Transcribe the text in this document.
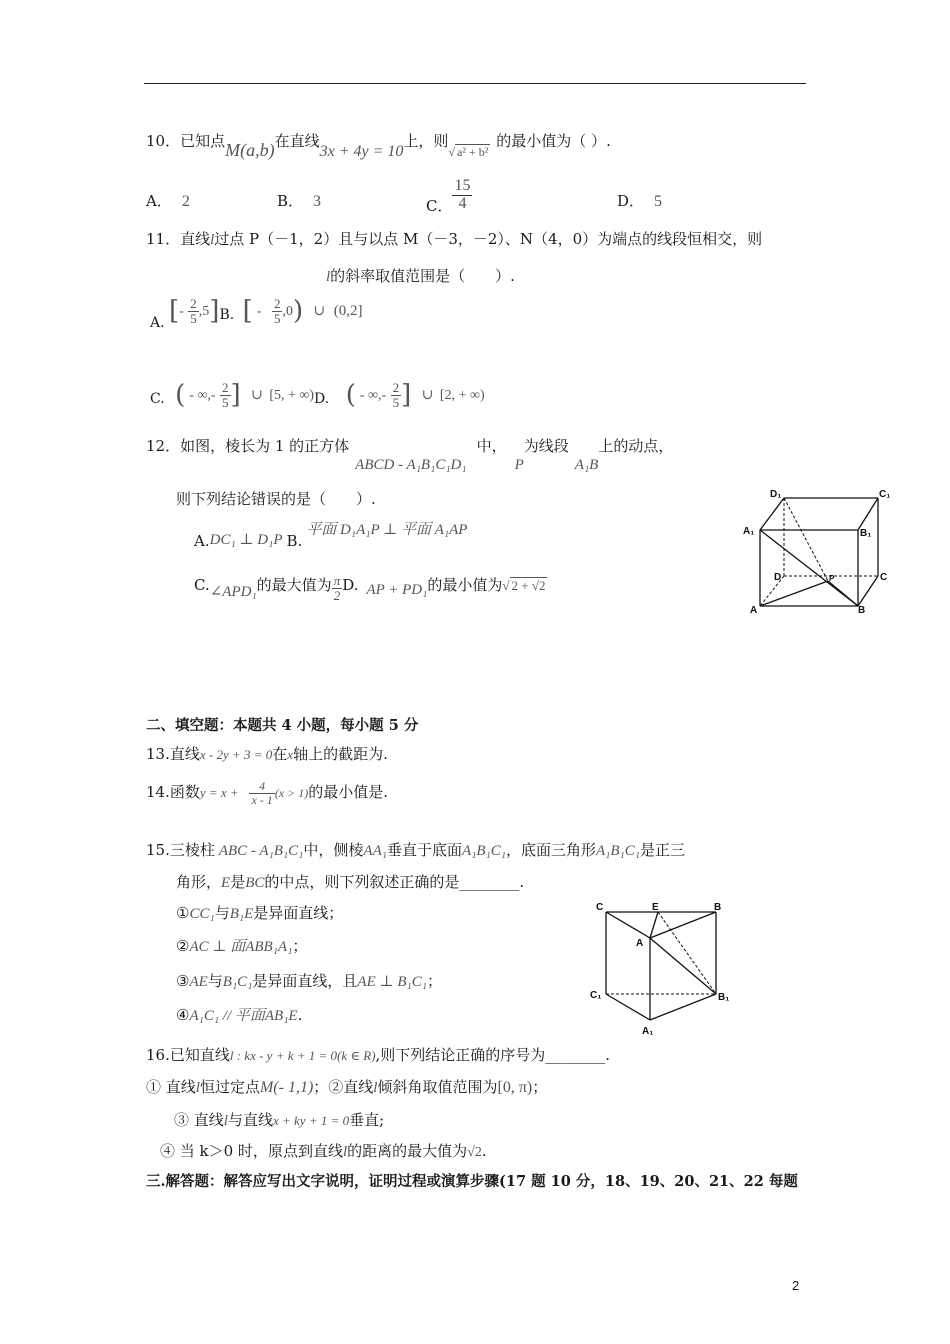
10．已知点M(a,b)在直线3x + 4y = 10上，则$_{√ a^2 + b^2}$的最小值为（ ）.
A． 2	B． 3	C． $\frac{15}{4}$	D． 5
11．直线l过点 P（－1，2）且与以点 M（－3，－2）、N（4，0）为端点的线段恒相交，则
l的斜率取值范围是（　　）.
A. [- $\frac{2}{5} ,5]B$. [ - $\frac{2}{5} ,0$) ∪ (0,2]
C. ( - ∞,- $\frac{2}{5}$ ] ∪ [5, + ∞)D. ( - ∞,- $\frac{2}{5}$ ] ∪ [2, + ∞)
12．如图，棱长为 1 的正方体ABCD - A₁B₁C₁D₁中，P为线段A₁B上的动点，
则下列结论错误的是（　　）.
A.DC₁ ⊥ D₁P B.平面 D₁A₁P ⊥ 平面 A₁AP
C.∠APD₁的最大值为 $\frac{\pi}{2} D$. AP + PD₁的最小值为√ 2 + √2
D₁	C₁
A₁	B₁
D	C
A	B
P
二、填空题：本题共 4 小题，每小题 5 分
13.直线x - 2y + 3 = 0在x轴上的截距为.
14.函数$y = x + \frac{4}{x - 1} (x > 1)$的最小值是.
15.三棱柱 ABC - A₁B₁C₁中，侧棱AA₁垂直于底面A₁B₁C₁，底面三角形A₁B₁C₁是正三
角形，E是BC的中点，则下列叙述正确的是________.
①CC₁与B₁E是异面直线；
②AC ⊥ 面ABB₁A₁；
③AE与B₁C₁是异面直线，且AE ⊥ B₁C₁；
④A₁C₁ // 平面AB₁E.
C	E	B
A
C₁	B₁
A₁
16.已知直线l : kx - y + k + 1 = 0(k ∈ R),则下列结论正确的序号为________.
① 直线l恒过定点M(- 1,1)；②直线l倾斜角取值范围为[0, π)；
③ 直线l与直线x + ky + 1 = 0垂直;
④ 当 k＞0 时，原点到直线l的距离的最大值为√2.
三.解答题：解答应写出文字说明，证明过程或演算步骤(17 题 10 分，18、19、20、21、22 每题
2
